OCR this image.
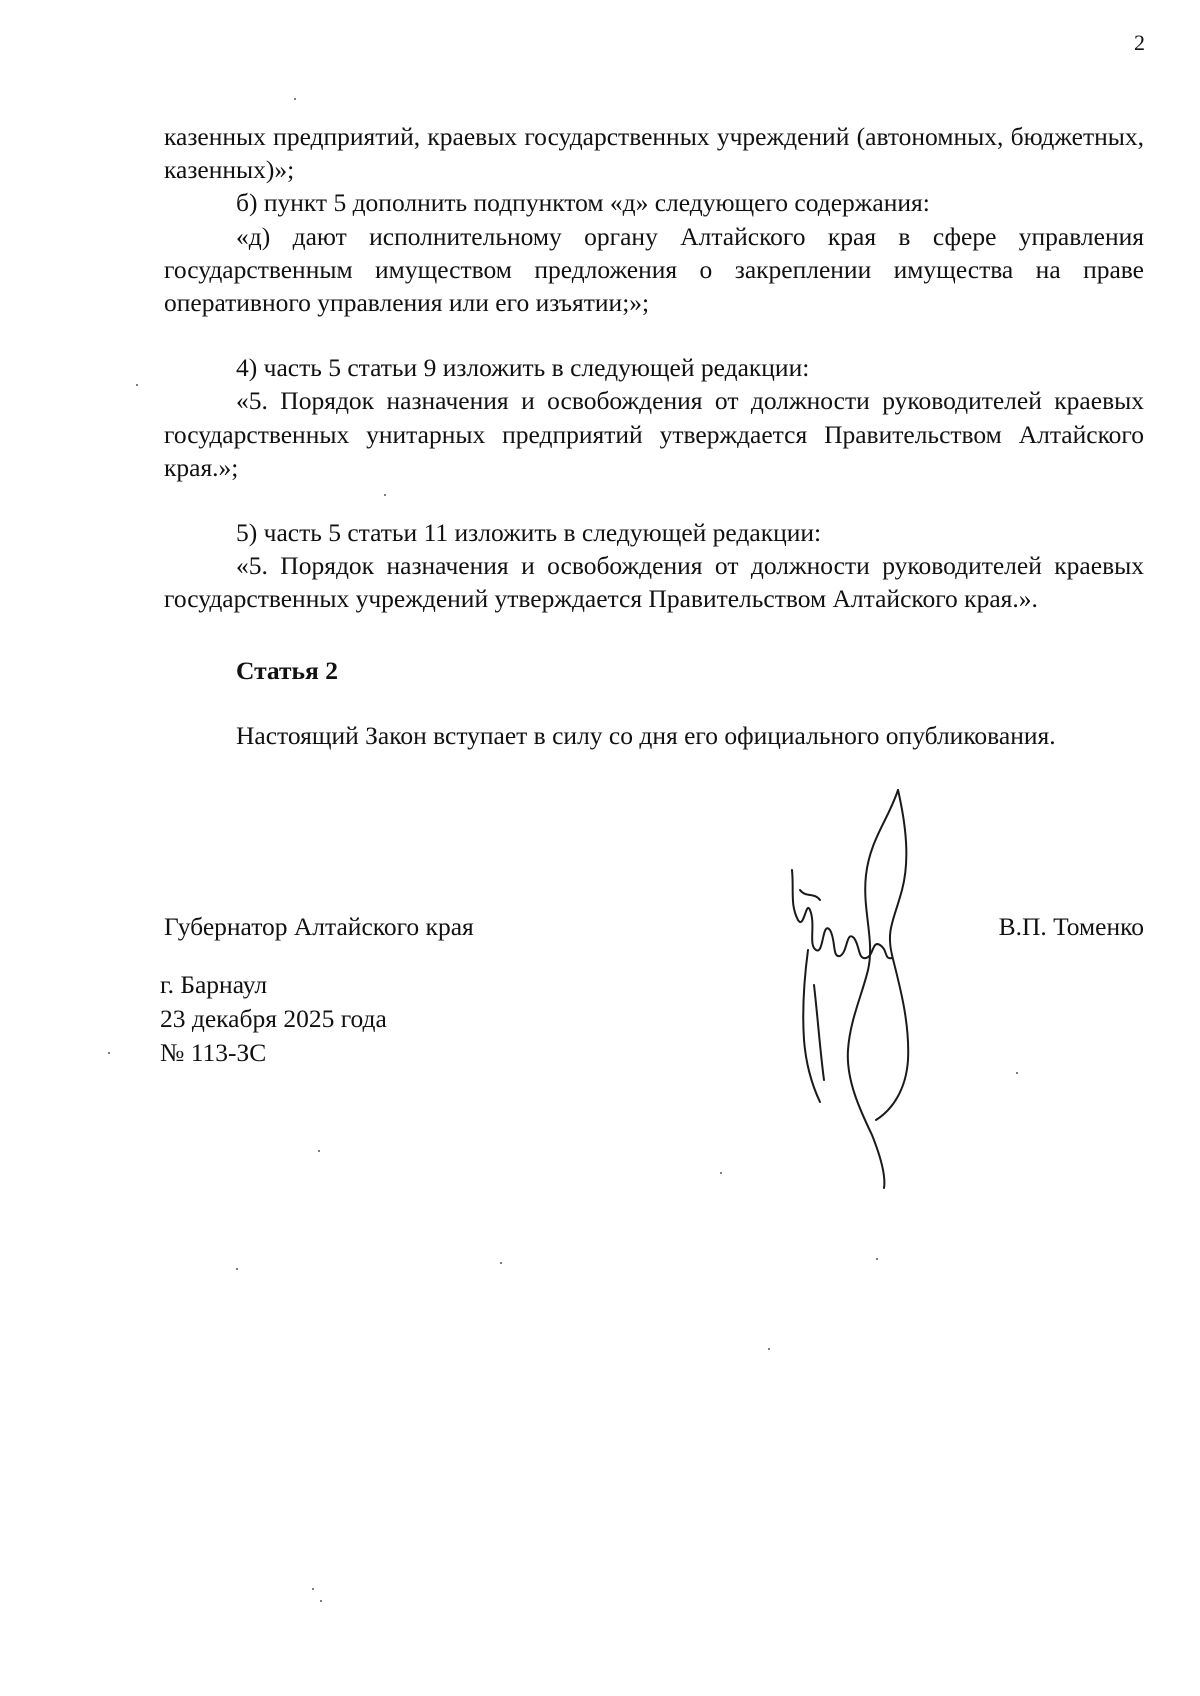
2

казенных предприятий, краевых государственных учреждений (автономных, бюджетных, казенных)»;

б) пункт 5 дополнить подпунктом «д» следующего содержания:

«д) дают исполнительному органу Алтайского края в сфере управления государственным имуществом предложения о закреплении имущества на праве оперативного управления или его изъятии;»;

4) часть 5 статьи 9 изложить в следующей редакции:

«5. Порядок назначения и освобождения от должности руководителей краевых государственных унитарных предприятий утверждается Правительством Алтайского края.»;

5) часть 5 статьи 11 изложить в следующей редакции:

«5. Порядок назначения и освобождения от должности руководителей краевых государственных учреждений утверждается Правительством Алтайского края.».

Статья 2

Настоящий Закон вступает в силу со дня его официального опубликования.

Губернатор Алтайского края	В.П. Томенко
г. Барнаул
23 декабря 2025 года
№ 113-ЗС
